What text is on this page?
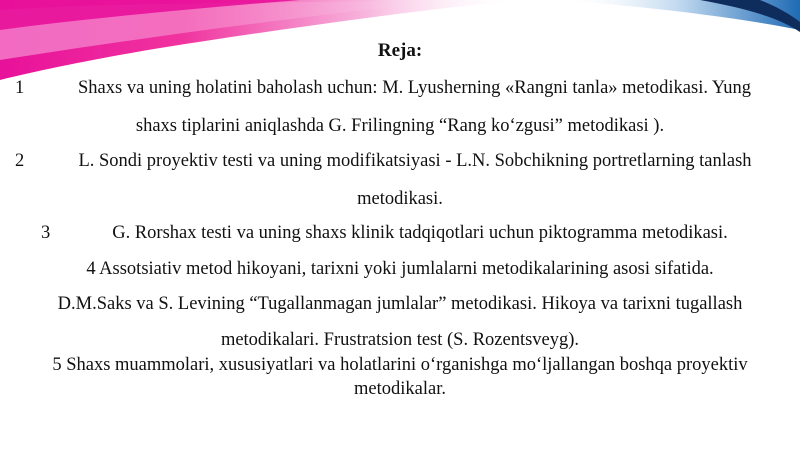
Reja:
1	Shaxs va uning holatini baholash uchun: M. Lyusherning «Rangni tanla» metodikasi. Yung
shaxs tiplarini aniqlashda G. Frilingning “Rang ko‘zgusi” metodikasi ).
2	L. Sondi proyektiv testi va uning modifikatsiyasi - L.N. Sobchikning portretlarning tanlash
metodikasi.
3	G. Rorshax testi va uning shaxs klinik tadqiqotlari uchun piktogramma metodikasi.
4 Assotsiativ metod hikoyani, tarixni yoki jumlalarni metodikalarining asosi sifatida.
D.M.Saks va S. Levining “Tugallanmagan jumlalar” metodikasi. Hikoya va tarixni tugallash
metodikalari. Frustratsion test (S. Rozentsveyg).
5 Shaxs muammolari, xususiyatlari va holatlarini o‘rganishga mo‘ljallangan boshqa proyektiv
metodikalar.
